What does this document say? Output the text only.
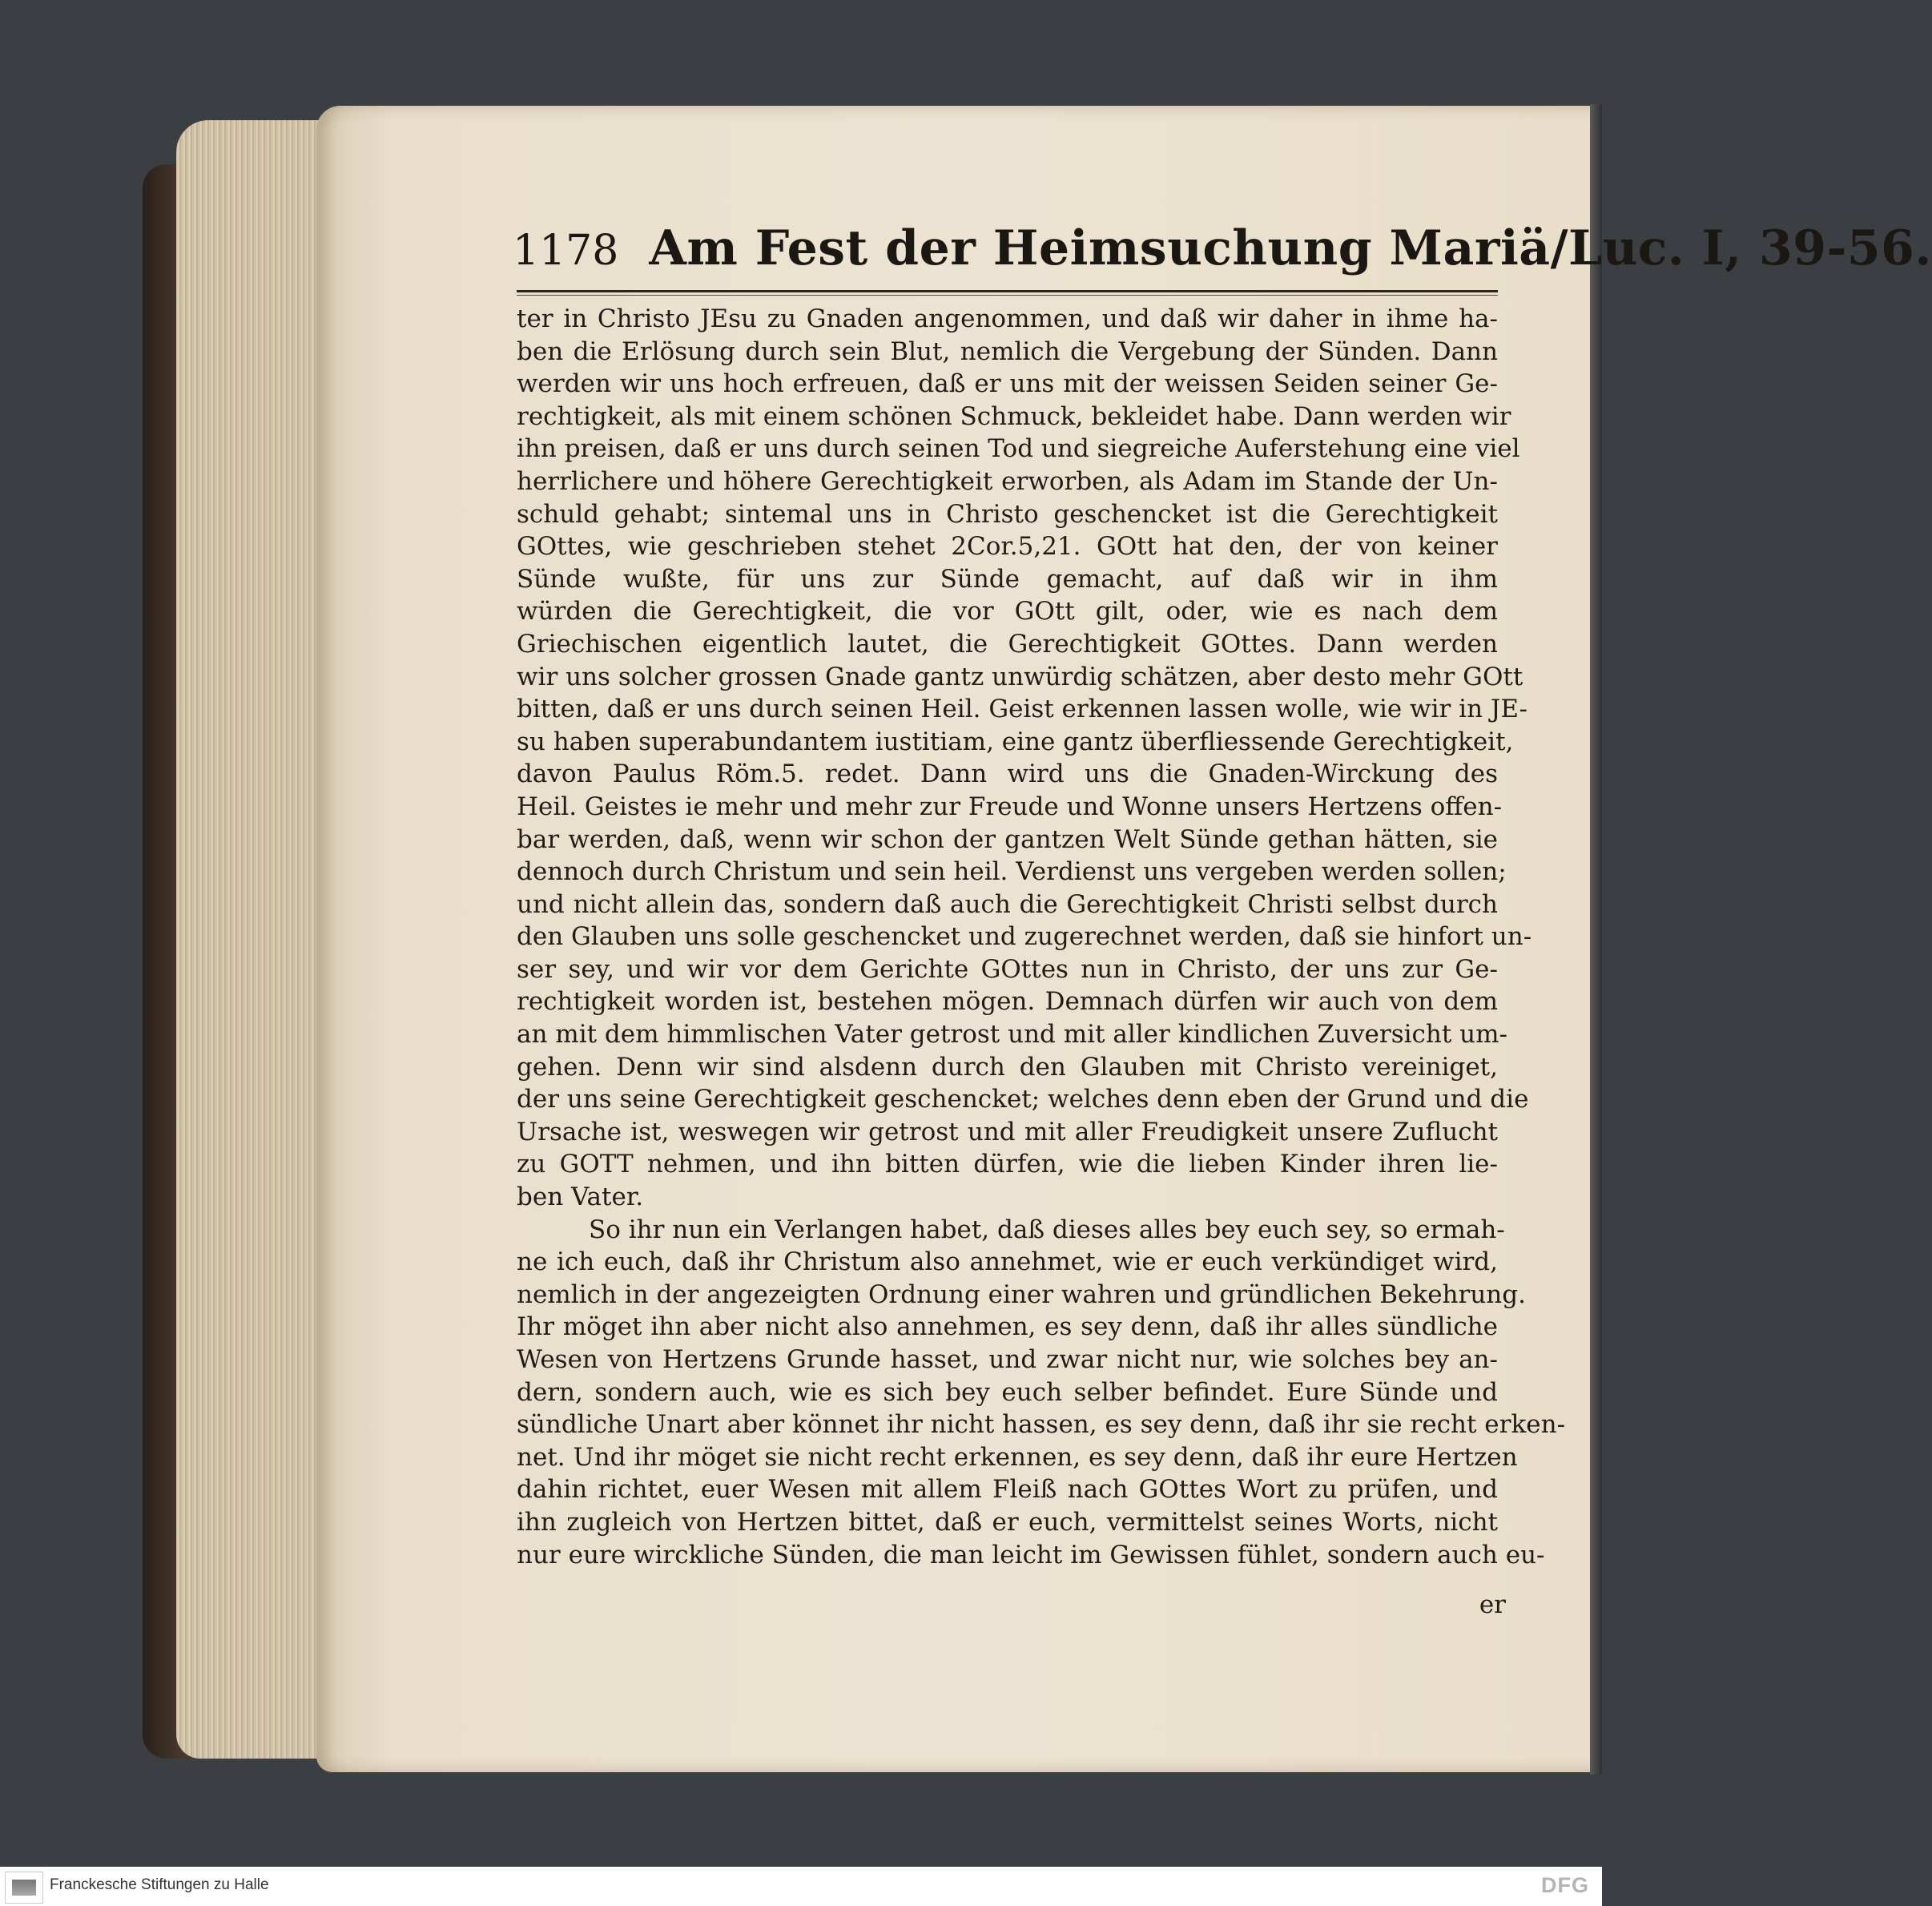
1178 Am Fest der Heimsuchung Mariä/Luc. I, 39-56.
ter in Christo JEsu zu Gnaden angenommen, und daß wir daher in ihme ha-
ben die Erlösung durch sein Blut, nemlich die Vergebung der Sünden. Dann
werden wir uns hoch erfreuen, daß er uns mit der weissen Seiden seiner Ge-
rechtigkeit, als mit einem schönen Schmuck, bekleidet habe. Dann werden wir
ihn preisen, daß er uns durch seinen Tod und siegreiche Auferstehung eine viel
herrlichere und höhere Gerechtigkeit erworben, als Adam im Stande der Un-
schuld gehabt; sintemal uns in Christo geschencket ist die Gerechtigkeit
GOttes, wie geschrieben stehet 2Cor.5,21. GOtt hat den, der von keiner
Sünde wußte, für uns zur Sünde gemacht, auf daß wir in ihm
würden die Gerechtigkeit, die vor GOtt gilt, oder, wie es nach dem
Griechischen eigentlich lautet, die Gerechtigkeit GOttes. Dann werden
wir uns solcher grossen Gnade gantz unwürdig schätzen, aber desto mehr GOtt
bitten, daß er uns durch seinen Heil. Geist erkennen lassen wolle, wie wir in JE-
su haben superabundantem iustitiam, eine gantz überfliessende Gerechtigkeit,
davon Paulus Röm.5. redet. Dann wird uns die Gnaden-Wirckung des
Heil. Geistes ie mehr und mehr zur Freude und Wonne unsers Hertzens offen-
bar werden, daß, wenn wir schon der gantzen Welt Sünde gethan hätten, sie
dennoch durch Christum und sein heil. Verdienst uns vergeben werden sollen;
und nicht allein das, sondern daß auch die Gerechtigkeit Christi selbst durch
den Glauben uns solle geschencket und zugerechnet werden, daß sie hinfort un-
ser sey, und wir vor dem Gerichte GOttes nun in Christo, der uns zur Ge-
rechtigkeit worden ist, bestehen mögen. Demnach dürfen wir auch von dem
an mit dem himmlischen Vater getrost und mit aller kindlichen Zuversicht um-
gehen. Denn wir sind alsdenn durch den Glauben mit Christo vereiniget,
der uns seine Gerechtigkeit geschencket; welches denn eben der Grund und die
Ursache ist, weswegen wir getrost und mit aller Freudigkeit unsere Zuflucht
zu GOTT nehmen, und ihn bitten dürfen, wie die lieben Kinder ihren lie-
ben Vater.
So ihr nun ein Verlangen habet, daß dieses alles bey euch sey, so ermah-
ne ich euch, daß ihr Christum also annehmet, wie er euch verkündiget wird,
nemlich in der angezeigten Ordnung einer wahren und gründlichen Bekehrung.
Ihr möget ihn aber nicht also annehmen, es sey denn, daß ihr alles sündliche
Wesen von Hertzens Grunde hasset, und zwar nicht nur, wie solches bey an-
dern, sondern auch, wie es sich bey euch selber befindet. Eure Sünde und
sündliche Unart aber könnet ihr nicht hassen, es sey denn, daß ihr sie recht erken-
net. Und ihr möget sie nicht recht erkennen, es sey denn, daß ihr eure Hertzen
dahin richtet, euer Wesen mit allem Fleiß nach GOttes Wort zu prüfen, und
ihn zugleich von Hertzen bittet, daß er euch, vermittelst seines Worts, nicht
nur eure wirckliche Sünden, die man leicht im Gewissen fühlet, sondern auch eu-
er
Franckesche Stiftungen zu Halle	DFG
